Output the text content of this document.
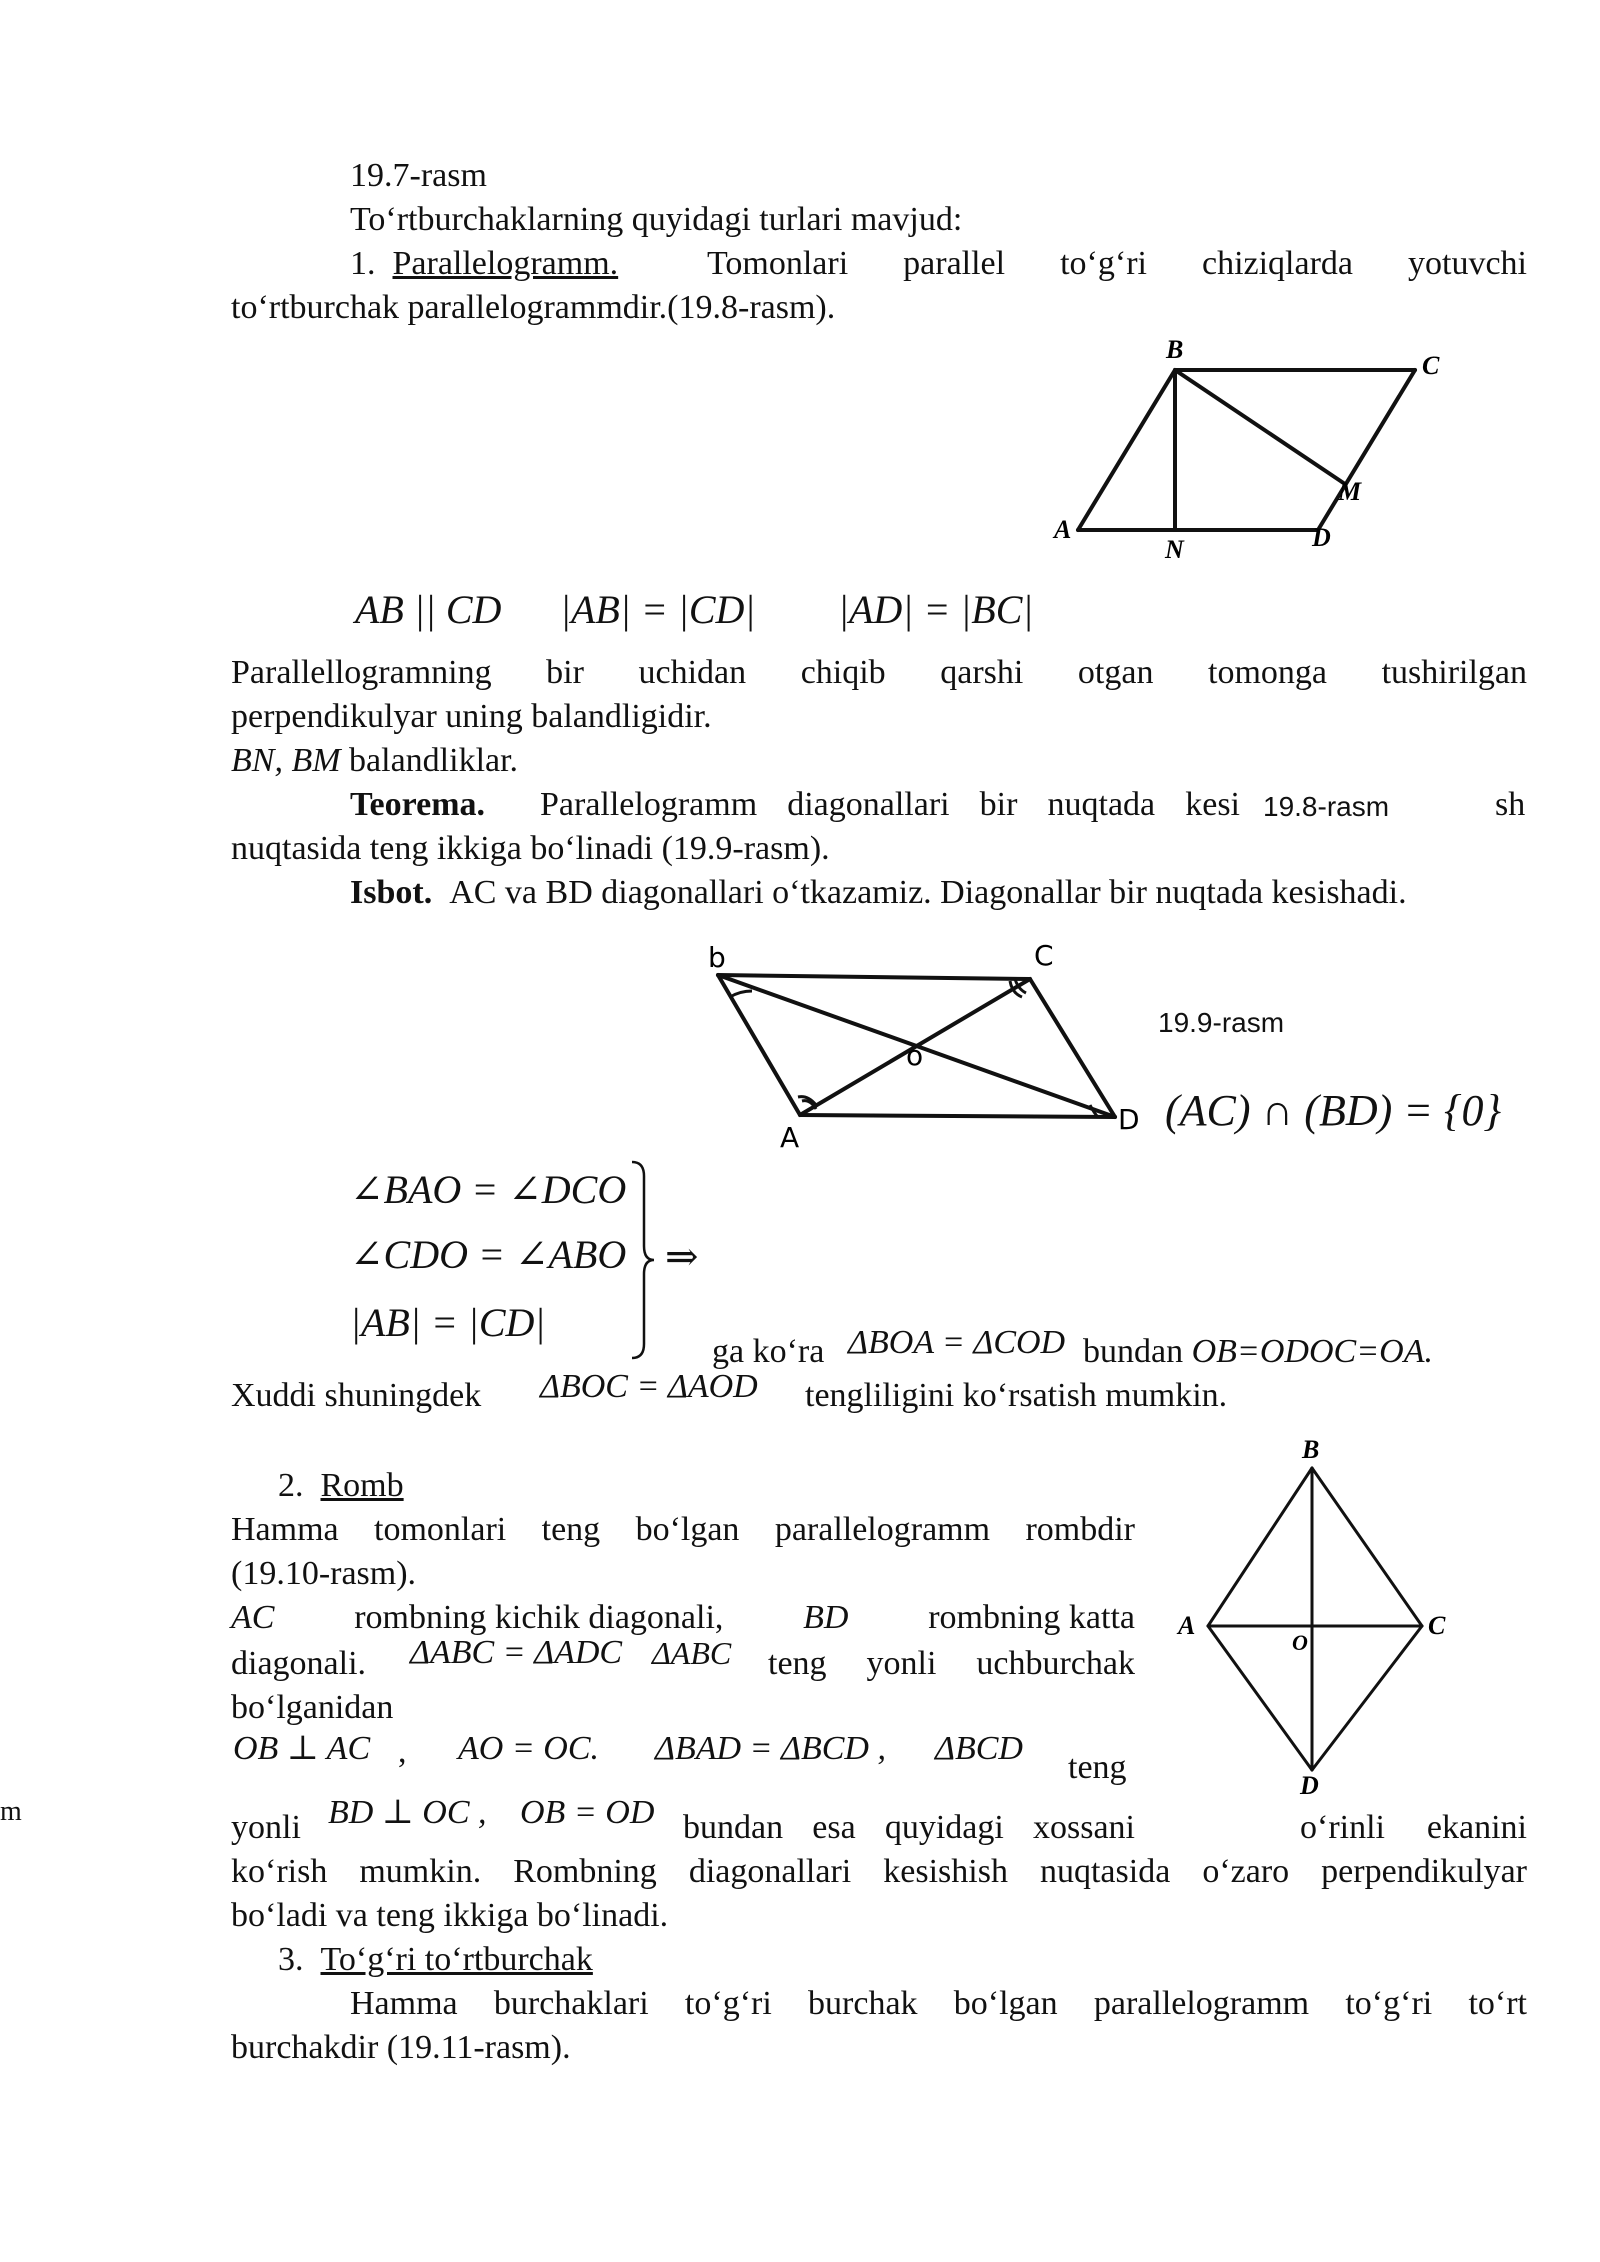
19.7-rasm
To‘rtburchaklarning quyidagi turlari mavjud:
1. Parallelogramm.	Tomonlari parallel to‘g‘ri chiziqlarda yotuvchi
to‘rtburchak parallelogrammdir.(19.8-rasm).
B
C
A
N	D
M
AB || CD |AB| = |CD| |AD| = |BC|
Parallellogramning bir uchidan chiqib qarshi otgan tomonga tushirilgan
perpendikulyar uning balandligidir.
BN, BM balandliklar.
Teorema. Parallelogramm diagonallari bir nuqtada kesi 19.8-rasm	sh
nuqtasida teng ikkiga bo‘linadi (19.9-rasm).
Isbot. AC va BD diagonallari o‘tkazamiz. Diagonallar bir nuqtada kesishadi.
b	C
o
A
D
19.9-rasm
(AC) ∩ (BD) = {0}
∠BAO = ∠DCO
∠CDO = ∠ABO
|AB| = |CD|
⇒
ga ko‘ra ΔBOA = ΔCOD bundan OB=ODOC=OA.
Xuddi shuningdek ΔBOC = ΔAOD tengliligini ko‘rsatish mumkin.
2. Romb
Hamma tomonlari teng bo‘lgan parallelogramm rombdir
(19.10-rasm).
AC rombning kichik diagonali, BD rombning katta
diagonali. ΔABC = ΔADC ΔABC teng yonli uchburchak
bo‘lganidan
OB ⊥ AC , AO = OC. ΔBAD = ΔBCD , ΔBCD
teng
yonli BD ⊥ OC , OB = OD bundan esa quyidagi xossani	o‘rinli ekanini
ko‘rish mumkin. Rombning diagonallari kesishish nuqtasida o‘zaro perpendikulyar
bo‘ladi va teng ikkiga bo‘linadi.
B
A
O
C
D
3. To‘g‘ri to‘rtburchak
Hamma burchaklari to‘g‘ri burchak bo‘lgan parallelogramm to‘g‘ri to‘rt
burchakdir (19.11-rasm).
m
